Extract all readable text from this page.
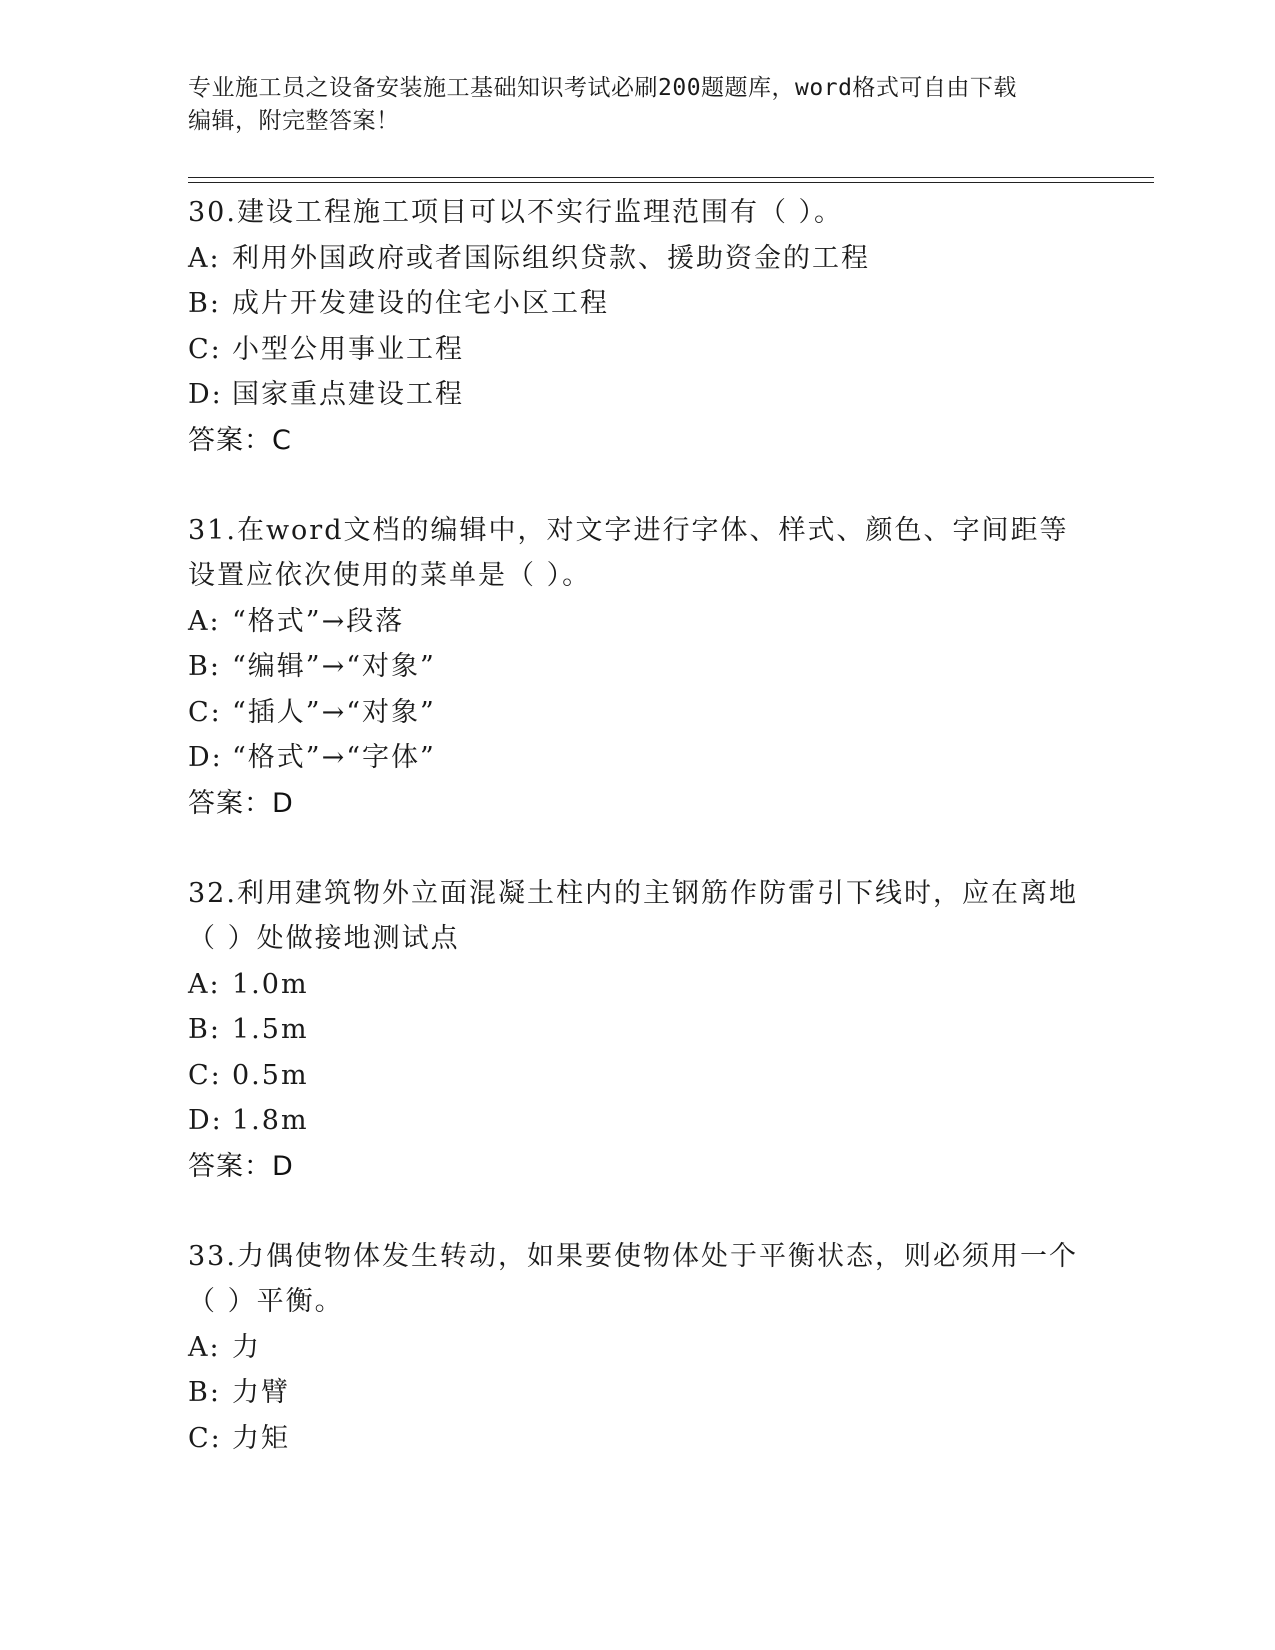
专业施工员之设备安装施工基础知识考试必刷200题题库，word格式可自由下载
编辑，附完整答案！
30.建设工程施工项目可以不实行监理范围有（ ）。
A: 利用外国政府或者国际组织贷款、援助资金的工程
B: 成片开发建设的住宅小区工程
C: 小型公用事业工程
D: 国家重点建设工程
答案：C
31.在word文档的编辑中，对文字进行字体、样式、颜色、字间距等
设置应依次使用的菜单是（ ）。
A: “格式”→段落
B: “编辑”→“对象”
C: “插人”→“对象”
D: “格式”→“字体”
答案：D
32.利用建筑物外立面混凝土柱内的主钢筋作防雷引下线时，应在离地
（ ）处做接地测试点
A: 1.0m
B: 1.5m
C: 0.5m
D: 1.8m
答案：D
33.力偶使物体发生转动，如果要使物体处于平衡状态，则必须用一个
（ ）平衡。
A: 力
B: 力臂
C: 力矩
